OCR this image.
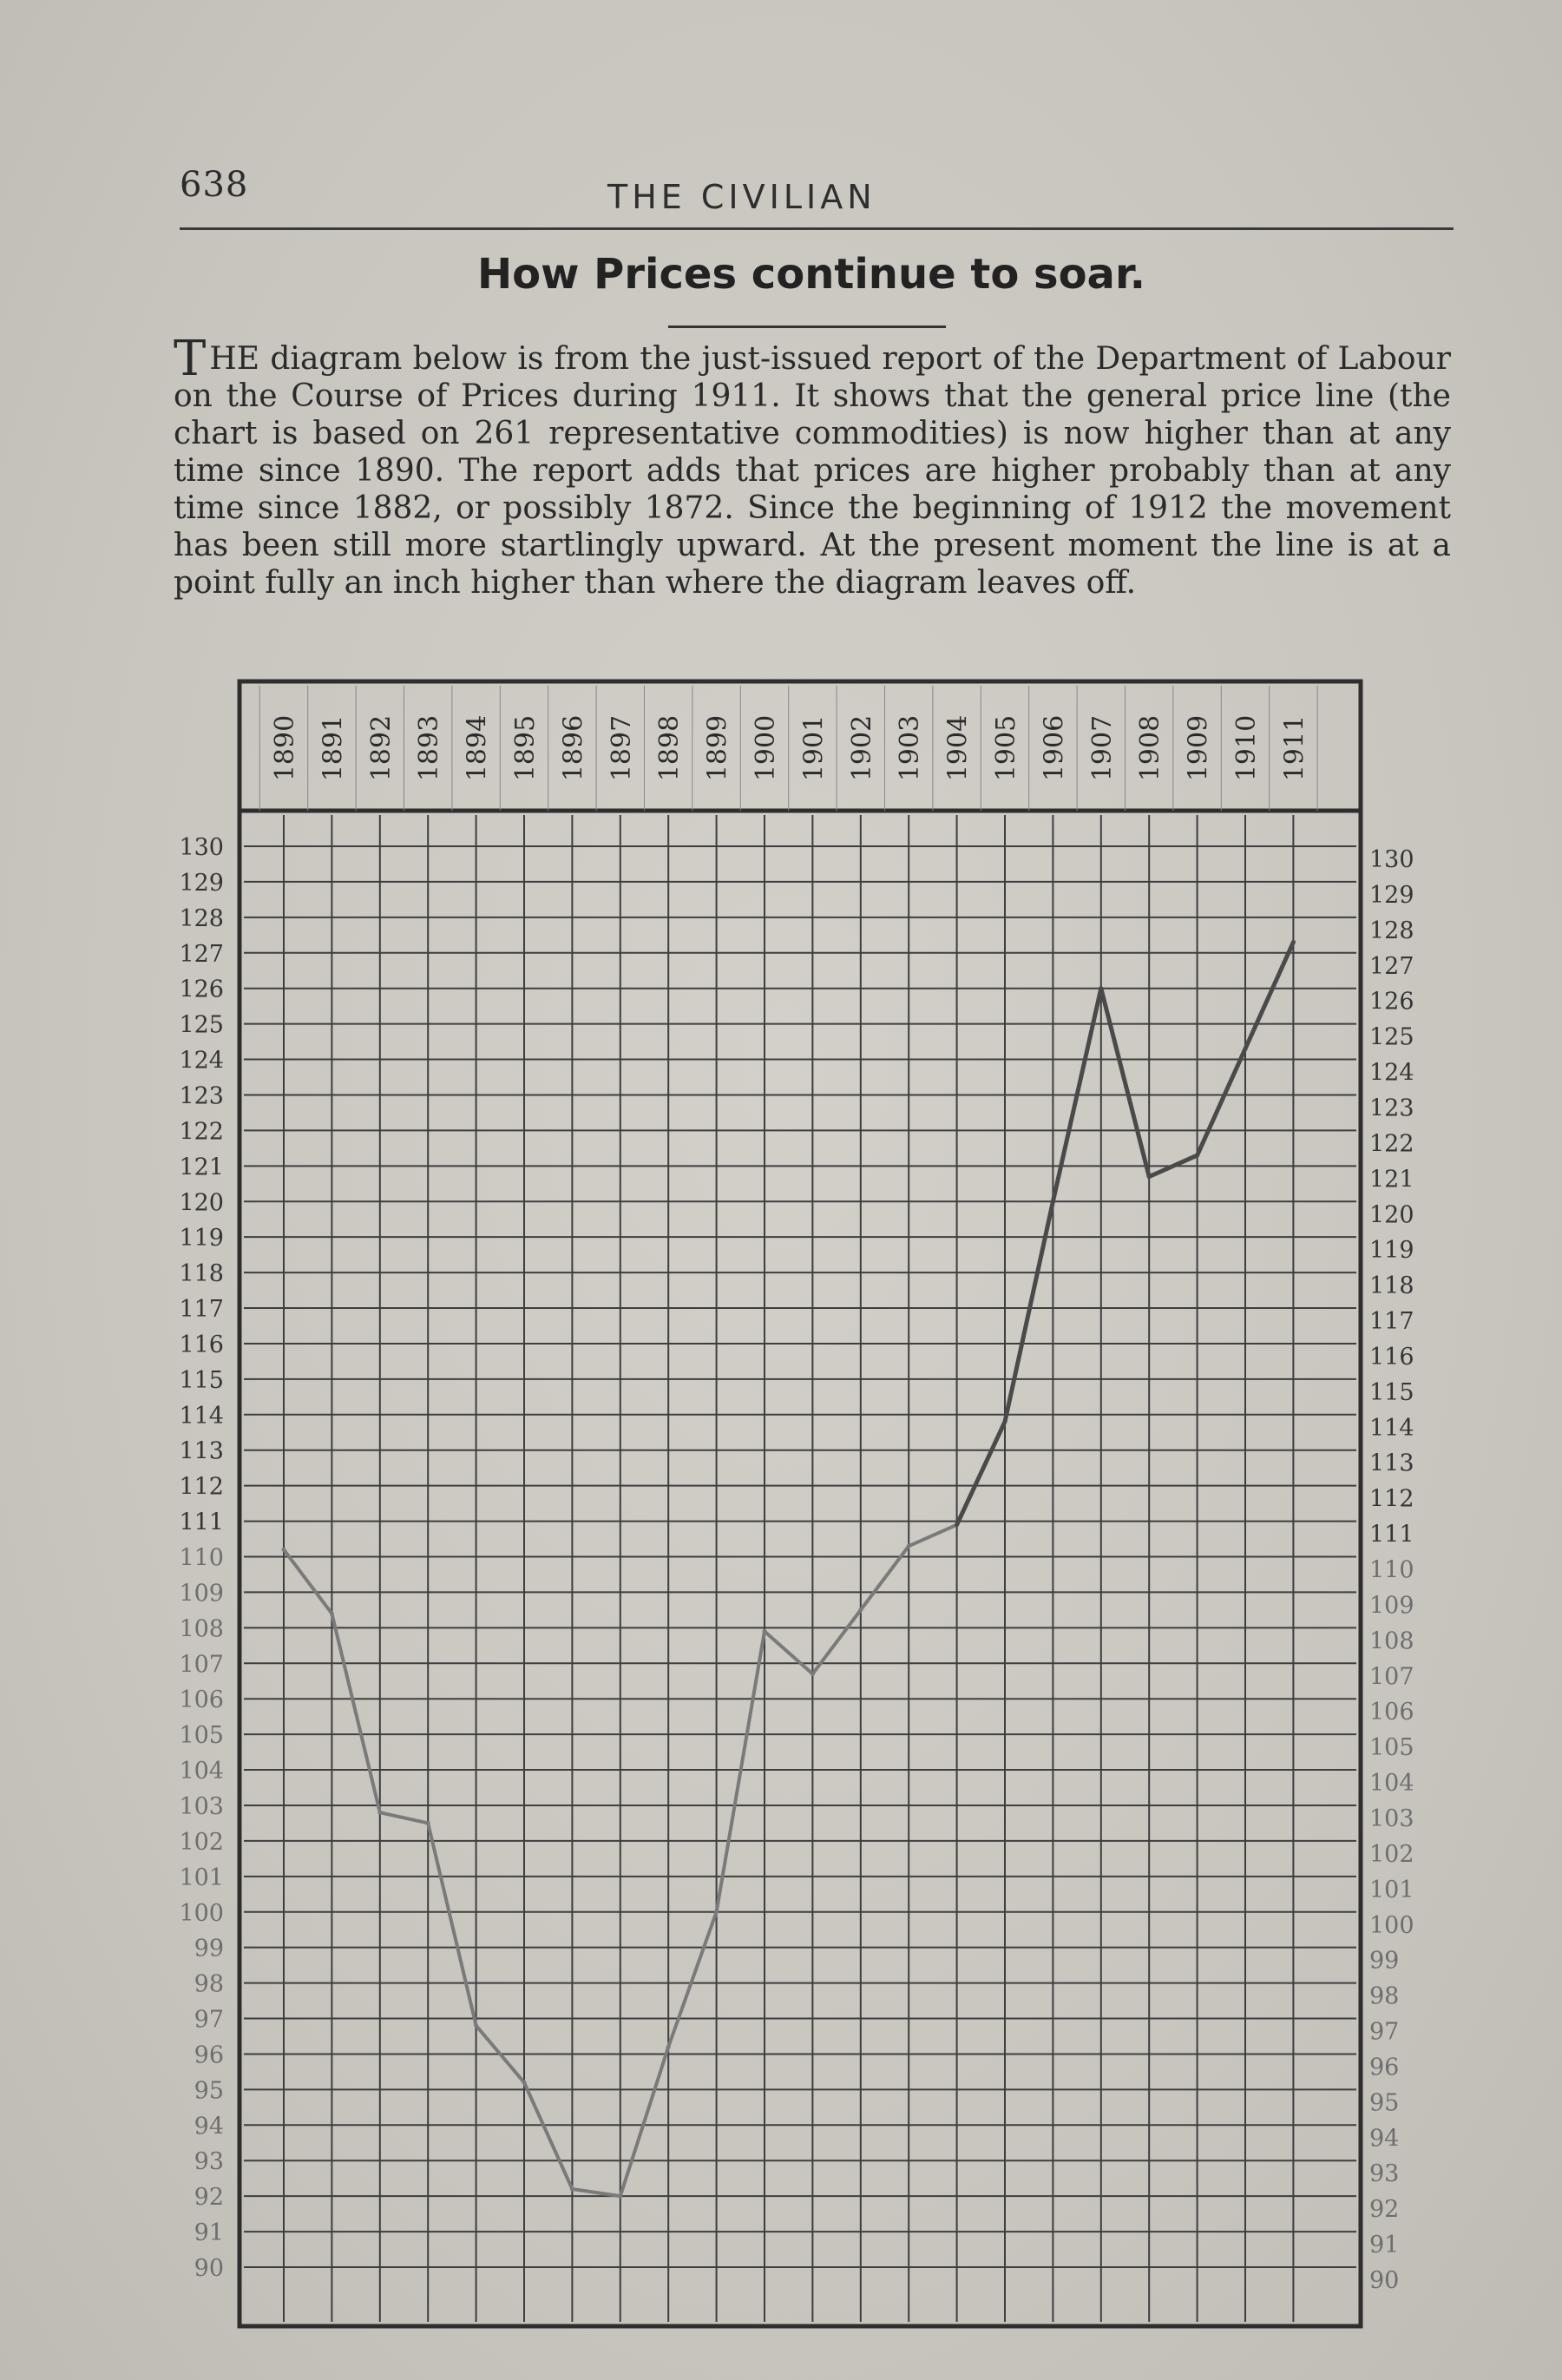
638	THE CIVILIAN
How Prices continue to soar.
THE diagram below is from the just-issued report of the Department of Labour on the Course of Prices during 1911. It shows that the general price line (the chart is based on 261 representative commodities) is now higher than at any time since 1890. The report adds that prices are higher probably than at any time since 1882, or possibly 1872. Since the beginning of 1912 the movement has been still more startlingly upward. At the present moment the line is at a point fully an inch higher than where the diagram leaves off.
1890 1891 1892 1893 1894 1895 1896 1897 1898 1899 1900 1901 1902 1903 1904 1905 1906 1907 1908 1909 1910 1911
90
91
92
93
94
95
96
97
98
99
100
101
102
103
104
105
106
107
108
109
110
111
112
113
114
115
116
117
118
119
120
121
122
123
124
125
126
127
128
129
130
90
91
92
93
94
95
96
97
98
99
100
101
102
103
104
105
106
107
108
109
110
111
112
113
114
115
116
117
118
119
120
121
122
123
124
125
126
127
128
129
130
